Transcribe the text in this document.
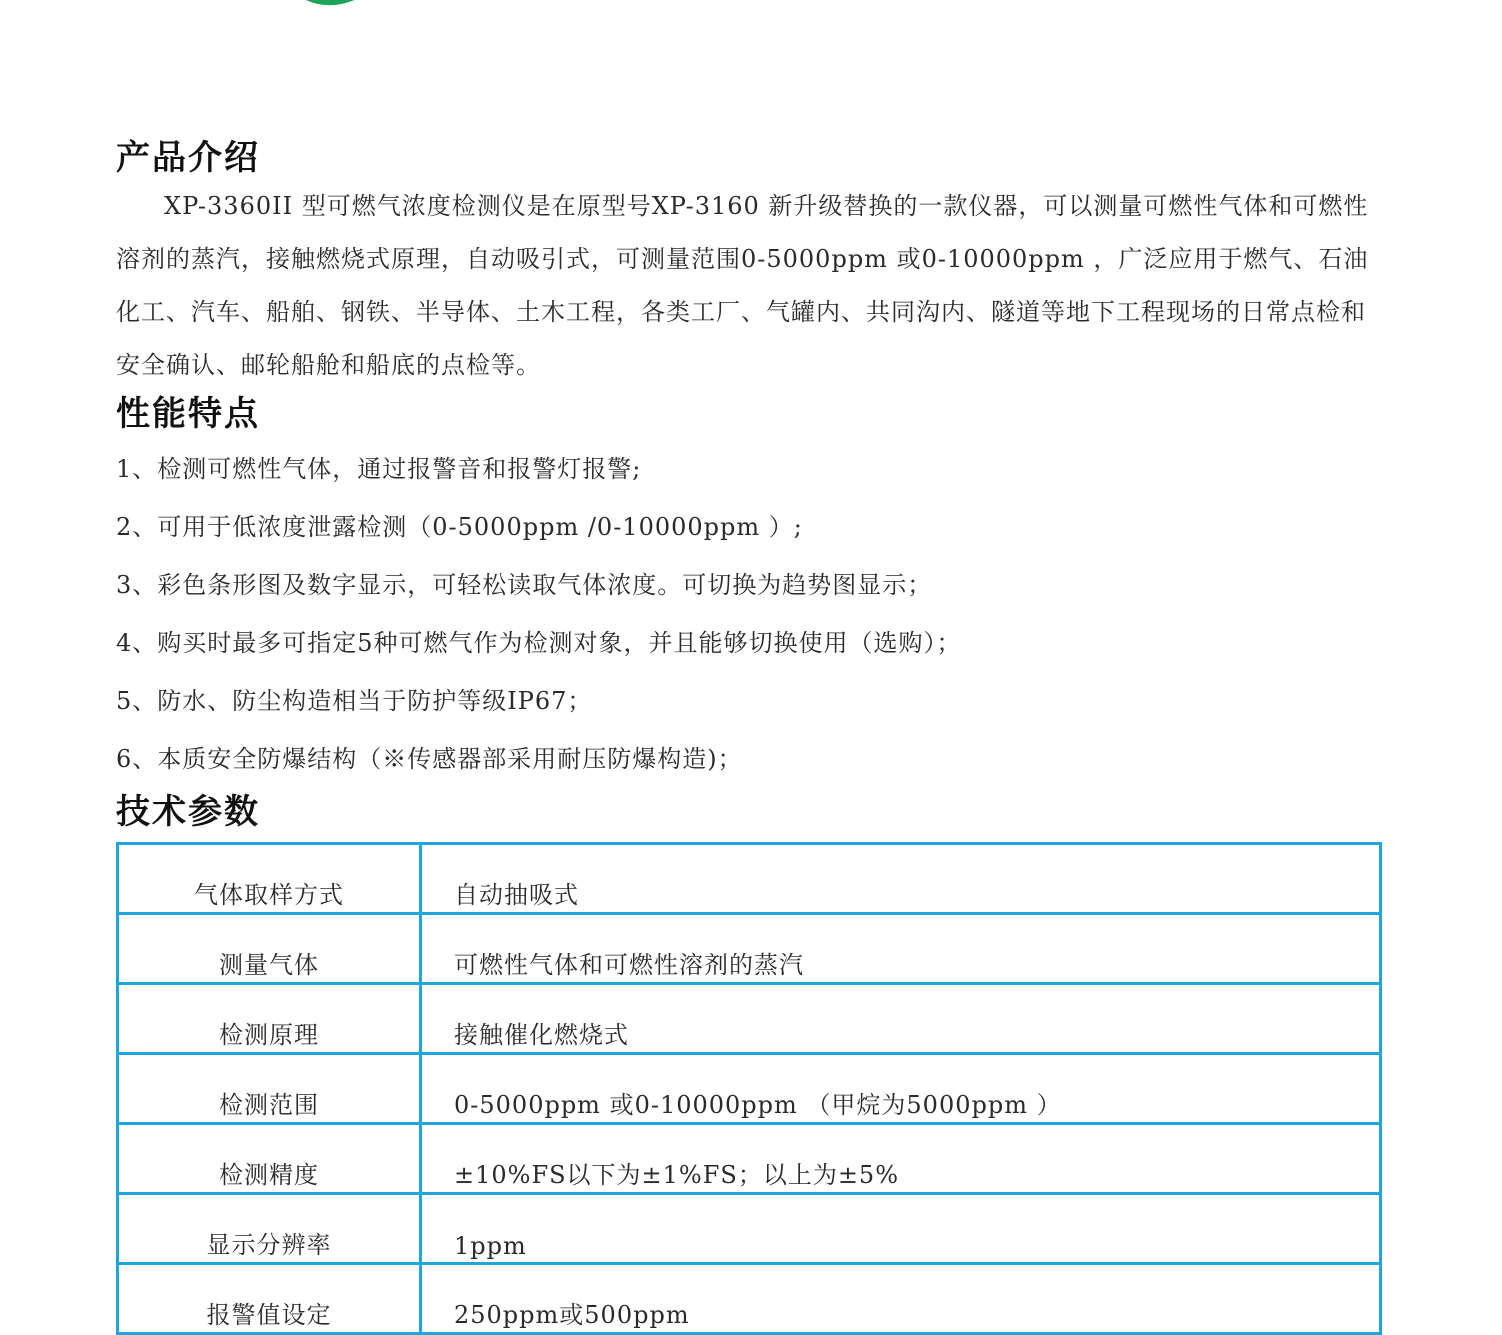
产品介绍

XP-3360II 型可燃气浓度检测仪是在原型号XP-3160 新升级替换的一款仪器，可以测量可燃性气体和可燃性溶剂的蒸汽，接触燃烧式原理，自动吸引式，可测量范围0-5000ppm 或0-10000ppm ，广泛应用于燃气、石油化工、汽车、船舶、钢铁、半导体、土木工程，各类工厂、气罐内、共同沟内、隧道等地下工程现场的日常点检和安全确认、邮轮船舱和船底的点检等。

性能特点
1、检测可燃性气体，通过报警音和报警灯报警;
2、可用于低浓度泄露检测（0-5000ppm /0-10000ppm ）;
3、彩色条形图及数字显示，可轻松读取气体浓度。可切换为趋势图显示；
4、购买时最多可指定5种可燃气作为检测对象，并且能够切换使用（选购）；
5、防水、防尘构造相当于防护等级IP67；
6、本质安全防爆结构（※传感器部采用耐压防爆构造)；
技术参数
气体取样方式	自动抽吸式
测量气体	可燃性气体和可燃性溶剂的蒸汽
检测原理	接触催化燃烧式
检测范围	0-5000ppm 或0-10000ppm （甲烷为5000ppm ）
检测精度	±10%FS以下为±1%FS；以上为±5%
显示分辨率	1ppm
报警值设定	250ppm或500ppm
